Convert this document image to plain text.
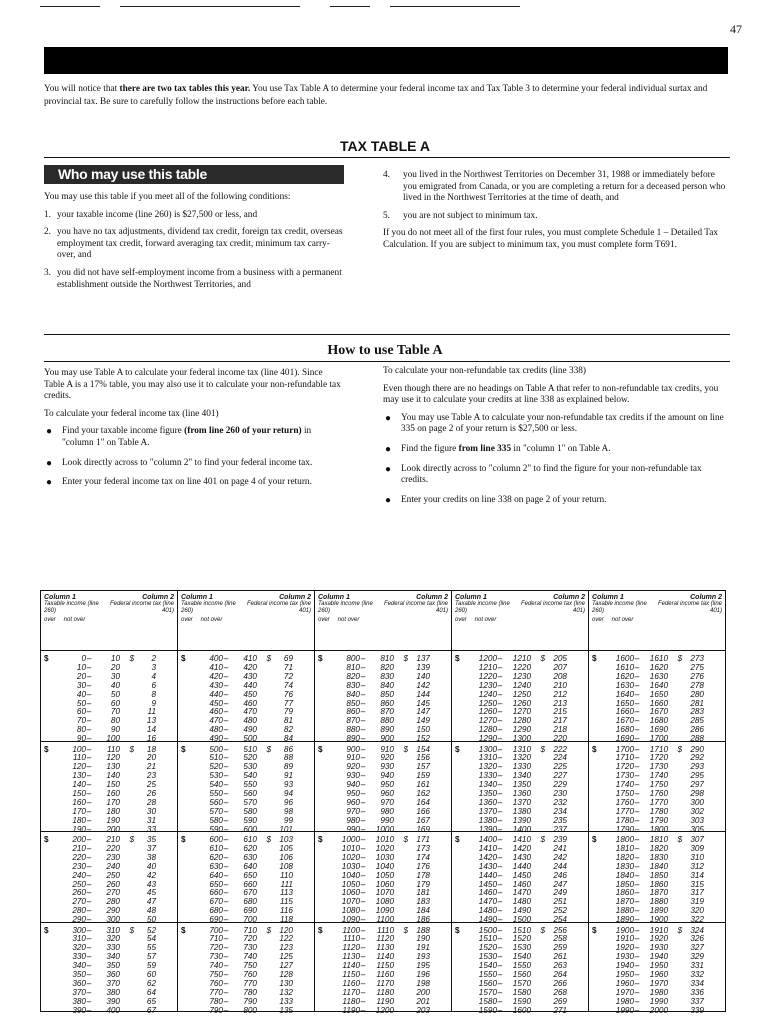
47
You will notice that there are two tax tables this year. You use Tax Table A to determine your federal income tax and Tax Table 3 to determine your federal individual surtax and provincial tax. Be sure to carefully follow the instructions before each table.
TAX TABLE A
Who may use this table

You may use this table if you meet all of the following conditions:

1. your taxable income (line 260) is $27,500 or less, and
2. you have no tax adjustments, dividend tax credit, foreign tax credit, overseas employment tax credit, forward averaging tax credit, minimum tax carry-over, and
3. you did not have self-employment income from a business with a permanent establishment outside the Northwest Territories, and
4. you lived in the Northwest Territories on December 31, 1988 or immediately before you emigrated from Canada, or you are completing a return for a deceased person who lived in the Northwest Territories at the time of death, and
5. you are not subject to minimum tax.

If you do not meet all of the first four rules, you must complete Schedule 1 – Detailed Tax Calculation. If you are subject to minimum tax, you must complete form T691.

How to use Table A

You may use Table A to calculate your federal income tax (line 401). Since Table A is a 17% table, you may also use it to calculate your non-refundable tax credits.

To calculate your federal income tax (line 401)

● Find your taxable income figure (from line 260 of your return) in "column 1" on Table A.
● Look directly across to "column 2" to find your federal income tax.
● Enter your federal income tax on line 401 on page 4 of your return.

To calculate your non-refundable tax credits (line 338)

Even though there are no headings on Table A that refer to non-refundable tax credits, you may use it to calculate your credits at line 338 as explained below.

● You may use Table A to calculate your non-refundable tax credits if the amount on line 335 on page 2 of your return is $27,500 or less.
● Find the figure from line 335 in "column 1" on Table A.
● Look directly across to "column 2" to find the figure for your non-refundable tax credits.
● Enter your credits on line 338 on page 2 of your return.
Column 1
Taxable income (line 260)
over not over
Column 2
Federal income tax (line 401)
$	0 –	10	$	2
10 –	20	3
20 –	30	4
30 –	40	6
40 –	50	8
50 –	60	9
60 –	70	11
70 –	80	13
80 –	90	14
90 –	100	16
$	100 –	110	$	18
110 –	120	20
120 –	130	21
130 –	140	23
140 –	150	25
150 –	160	26
160 –	170	28
170 –	180	30
180 –	190	31
190 –	200	33
$	200 –	210	$	35
210 –	220	37
220 –	230	38
230 –	240	40
240 –	250	42
250 –	260	43
260 –	270	45
270 –	280	47
280 –	290	48
290 –	300	50
$	300 –	310	$	52
310 –	320	54
320 –	330	55
330 –	340	57
340 –	350	59
350 –	360	60
360 –	370	62
370 –	380	64
380 –	390	65
390 –	400	67
Column 1
Taxable income (line 260)
over not over
Column 2
Federal income tax (line 401)
$	400 –	410	$	69
410 –	420	71
420 –	430	72
430 –	440	74
440 –	450	76
450 –	460	77
460 –	470	79
470 –	480	81
480 –	490	82
490 –	500	84
$	500 –	510	$	86
510 –	520	88
520 –	530	89
530 –	540	91
540 –	550	93
550 –	560	94
560 –	570	96
570 –	580	98
580 –	590	99
590 –	600	101
$	600 –	610	$	103
610 –	620	105
620 –	630	106
630 –	640	108
640 –	650	110
650 –	660	111
660 –	670	113
670 –	680	115
680 –	690	116
690 –	700	118
$	700 –	710	$	120
710 –	720	122
720 –	730	123
730 –	740	125
740 –	750	127
750 –	760	128
760 –	770	130
770 –	780	132
780 –	790	133
790 –	800	135
Column 1
Taxable income (line 260)
over not over
Column 2
Federal income tax (line 401)
$	800 –	810	$	137
810 –	820	139
820 –	830	140
830 –	840	142
840 –	850	144
850 –	860	145
860 –	870	147
870 –	880	149
880 –	890	150
890 –	900	152
$	900 –	910	$	154
910 –	920	156
920 –	930	157
930 –	940	159
940 –	950	161
950 –	960	162
960 –	970	164
970 –	980	166
980 –	990	167
990 –	1000	169
$	1000 –	1010	$	171
1010 –	1020	173
1020 –	1030	174
1030 –	1040	176
1040 –	1050	178
1050 –	1060	179
1060 –	1070	181
1070 –	1080	183
1080 –	1090	184
1090 –	1100	186
$	1100 –	1110	$	188
1110 –	1120	190
1120 –	1130	191
1130 –	1140	193
1140 –	1150	195
1150 –	1160	196
1160 –	1170	198
1170 –	1180	200
1180 –	1190	201
1190 –	1200	203
Column 1
Taxable income (line 260)
over not over
Column 2
Federal income tax (line 401)
$	1200 –	1210	$	205
1210 –	1220	207
1220 –	1230	208
1230 –	1240	210
1240 –	1250	212
1250 –	1260	213
1260 –	1270	215
1270 –	1280	217
1280 –	1290	218
1290 –	1300	220
$	1300 –	1310	$	222
1310 –	1320	224
1320 –	1330	225
1330 –	1340	227
1340 –	1350	229
1350 –	1360	230
1360 –	1370	232
1370 –	1380	234
1380 –	1390	235
1390 –	1400	237
$	1400 –	1410	$	239
1410 –	1420	241
1420 –	1430	242
1430 –	1440	244
1440 –	1450	246
1450 –	1460	247
1460 –	1470	249
1470 –	1480	251
1480 –	1490	252
1490 –	1500	254
$	1500 –	1510	$	256
1510 –	1520	258
1520 –	1530	259
1530 –	1540	261
1540 –	1550	263
1550 –	1560	264
1560 –	1570	266
1570 –	1580	268
1580 –	1590	269
1590 –	1600	271
Column 1
Taxable income (line 260)
over not over
Column 2
Federal income tax (line 401)
$	1600 –	1610	$	273
1610 –	1620	275
1620 –	1630	276
1630 –	1640	278
1640 –	1650	280
1650 –	1660	281
1660 –	1670	283
1670 –	1680	285
1680 –	1690	286
1690 –	1700	288
$	1700 –	1710	$	290
1710 –	1720	292
1720 –	1730	293
1730 –	1740	295
1740 –	1750	297
1750 –	1760	298
1760 –	1770	300
1770 –	1780	302
1780 –	1790	303
1790 –	1800	305
$	1800 –	1810	$	307
1810 –	1820	309
1820 –	1830	310
1830 –	1840	312
1840 –	1850	314
1850 –	1860	315
1860 –	1870	317
1870 –	1880	319
1880 –	1890	320
1890 –	1900	322
$	1900 –	1910	$	324
1910 –	1920	326
1920 –	1930	327
1930 –	1940	329
1940 –	1950	331
1950 –	1960	332
1960 –	1970	334
1970 –	1980	336
1980 –	1990	337
1990 –	2000	339
